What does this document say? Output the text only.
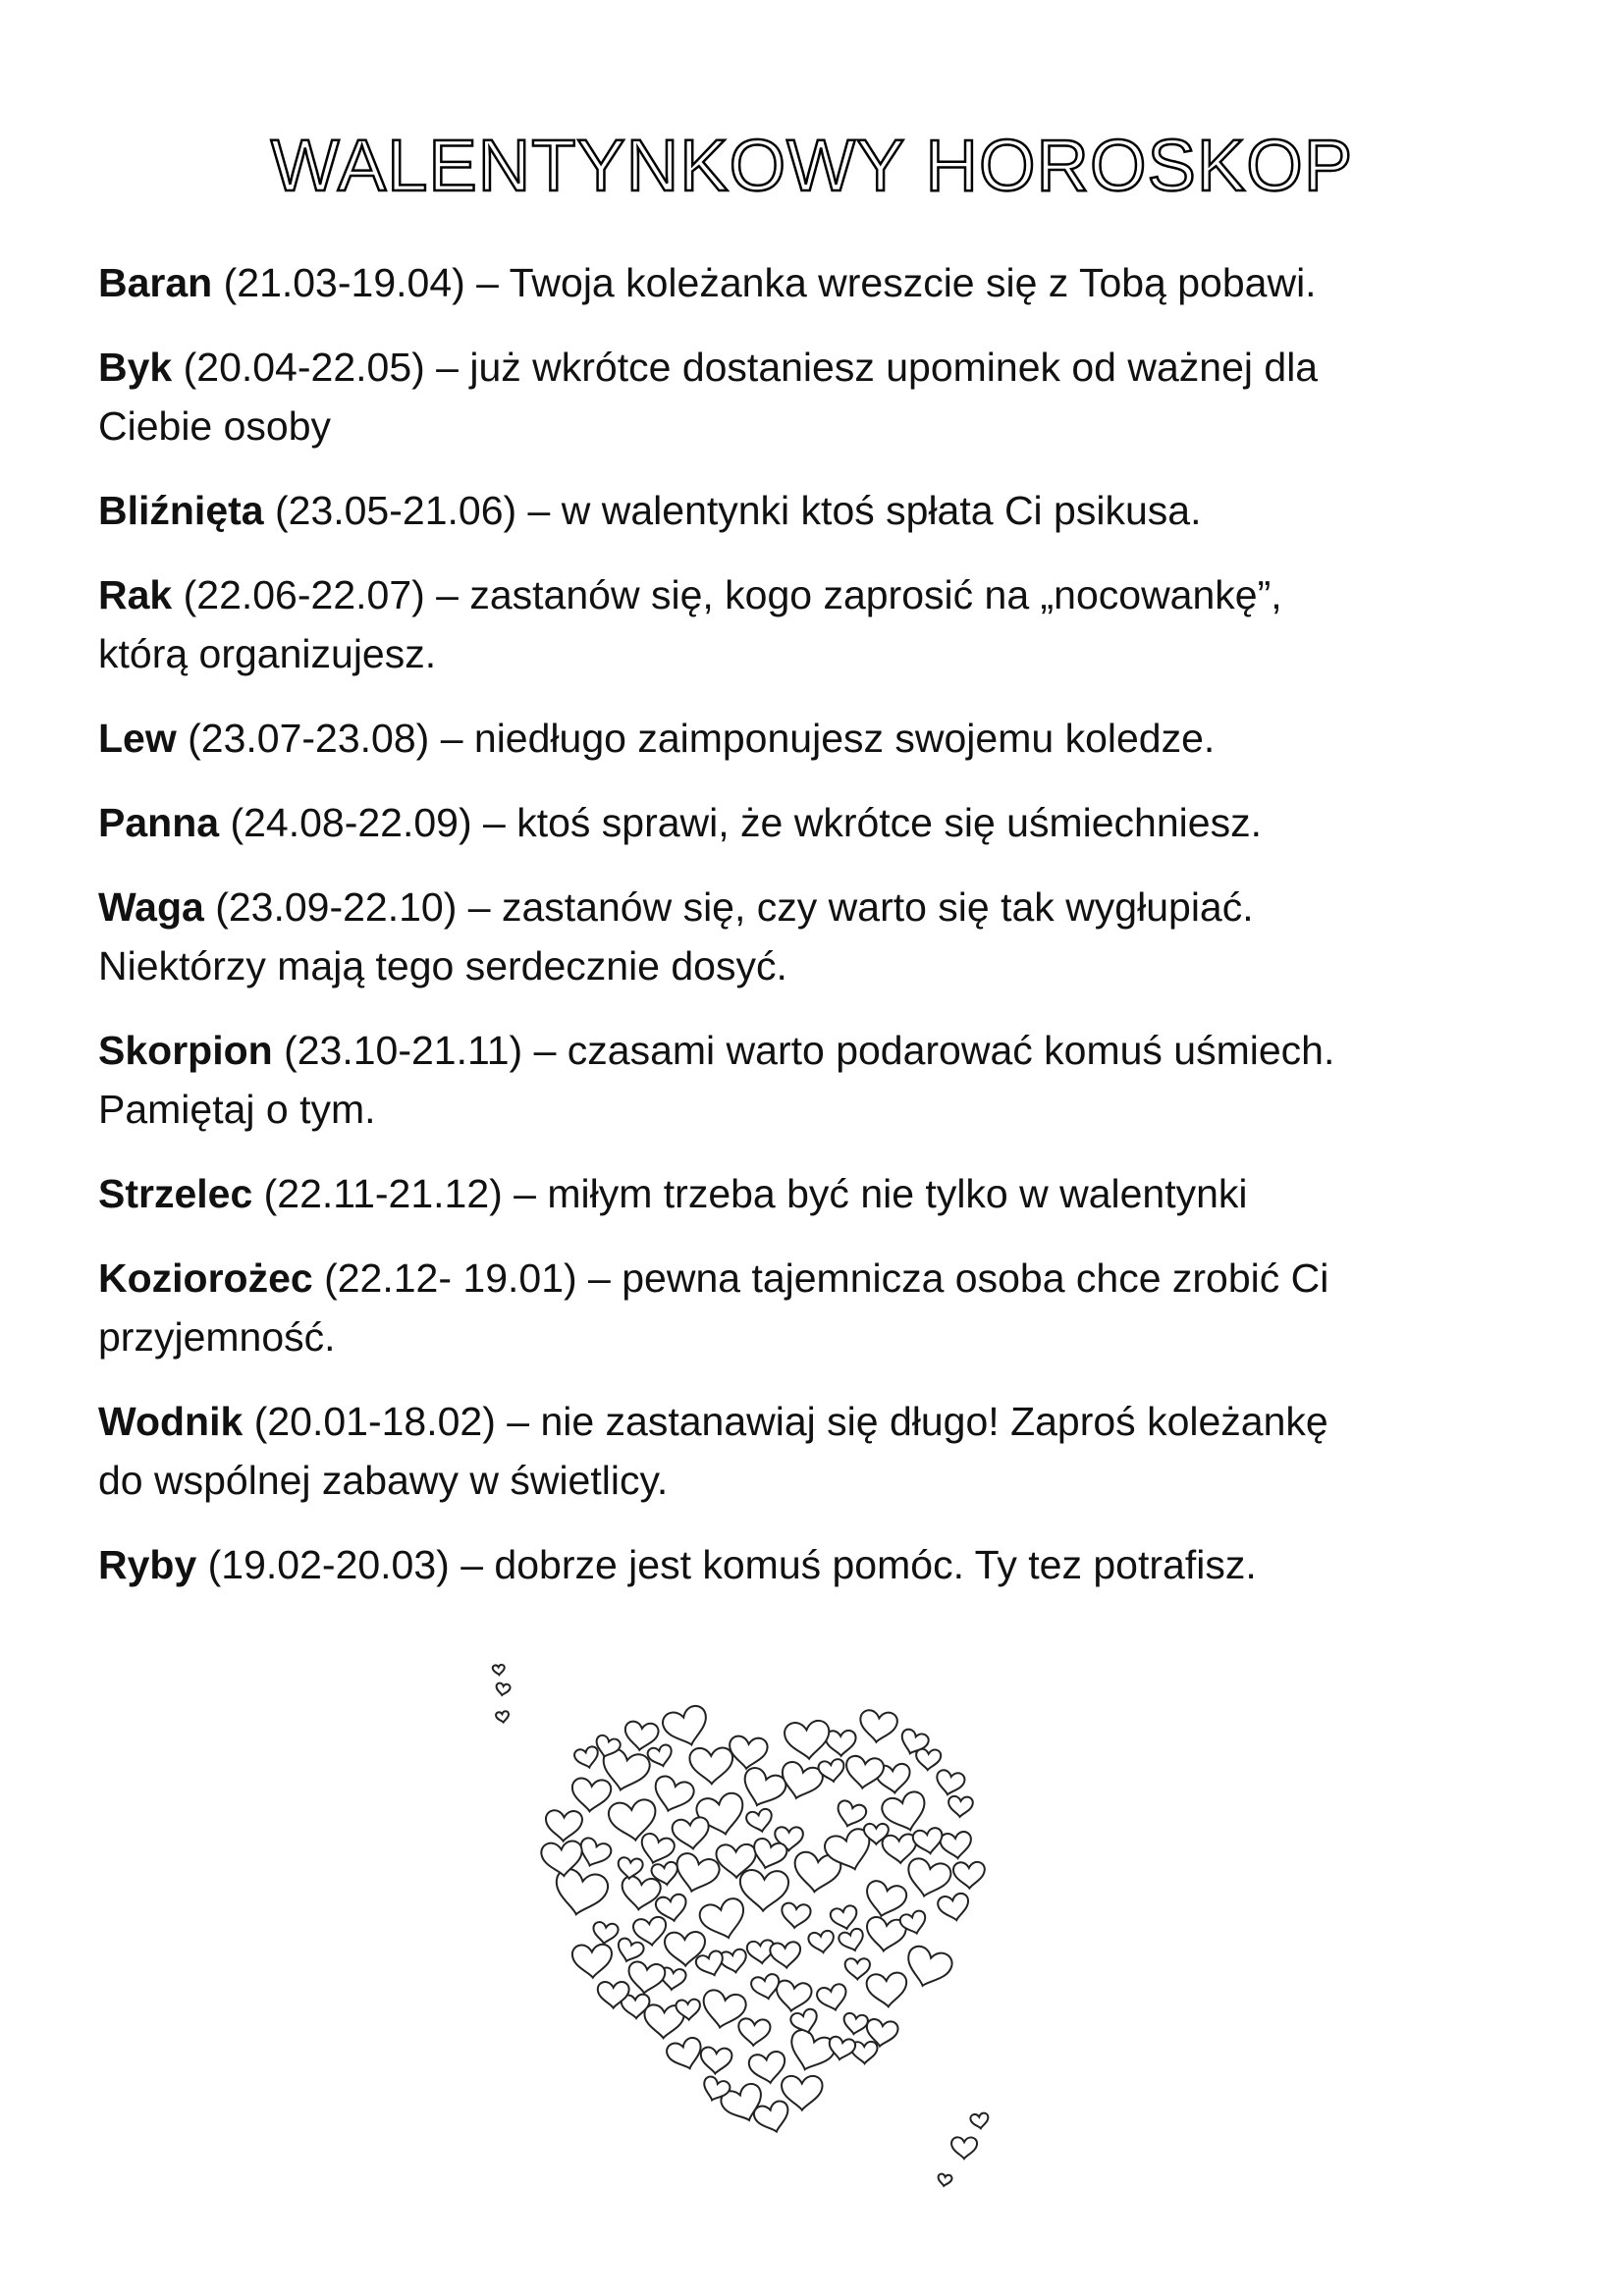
WALENTYNKOWY HOROSKOP

Baran (21.03-19.04) – Twoja koleżanka wreszcie się z Tobą pobawi.

Byk (20.04-22.05) – już wkrótce dostaniesz upominek od ważnej dla
Ciebie osoby

Bliźnięta (23.05-21.06) – w walentynki ktoś spłata Ci psikusa.

Rak (22.06-22.07) – zastanów się, kogo zaprosić na „nocowankę”,
którą organizujesz.

Lew (23.07-23.08) – niedługo zaimponujesz swojemu koledze.

Panna (24.08-22.09) – ktoś sprawi, że wkrótce się uśmiechniesz.

Waga (23.09-22.10) – zastanów się, czy warto się tak wygłupiać.
Niektórzy mają tego serdecznie dosyć.

Skorpion (23.10-21.11) – czasami warto podarować komuś uśmiech.
Pamiętaj o tym.

Strzelec (22.11-21.12) – miłym trzeba być nie tylko w walentynki

Koziorożec (22.12- 19.01) – pewna tajemnicza osoba chce zrobić Ci
przyjemność.

Wodnik (20.01-18.02) – nie zastanawiaj się długo! Zaproś koleżankę
do wspólnej zabawy w świetlicy.

Ryby (19.02-20.03) – dobrze jest komuś pomóc. Ty tez potrafisz.
